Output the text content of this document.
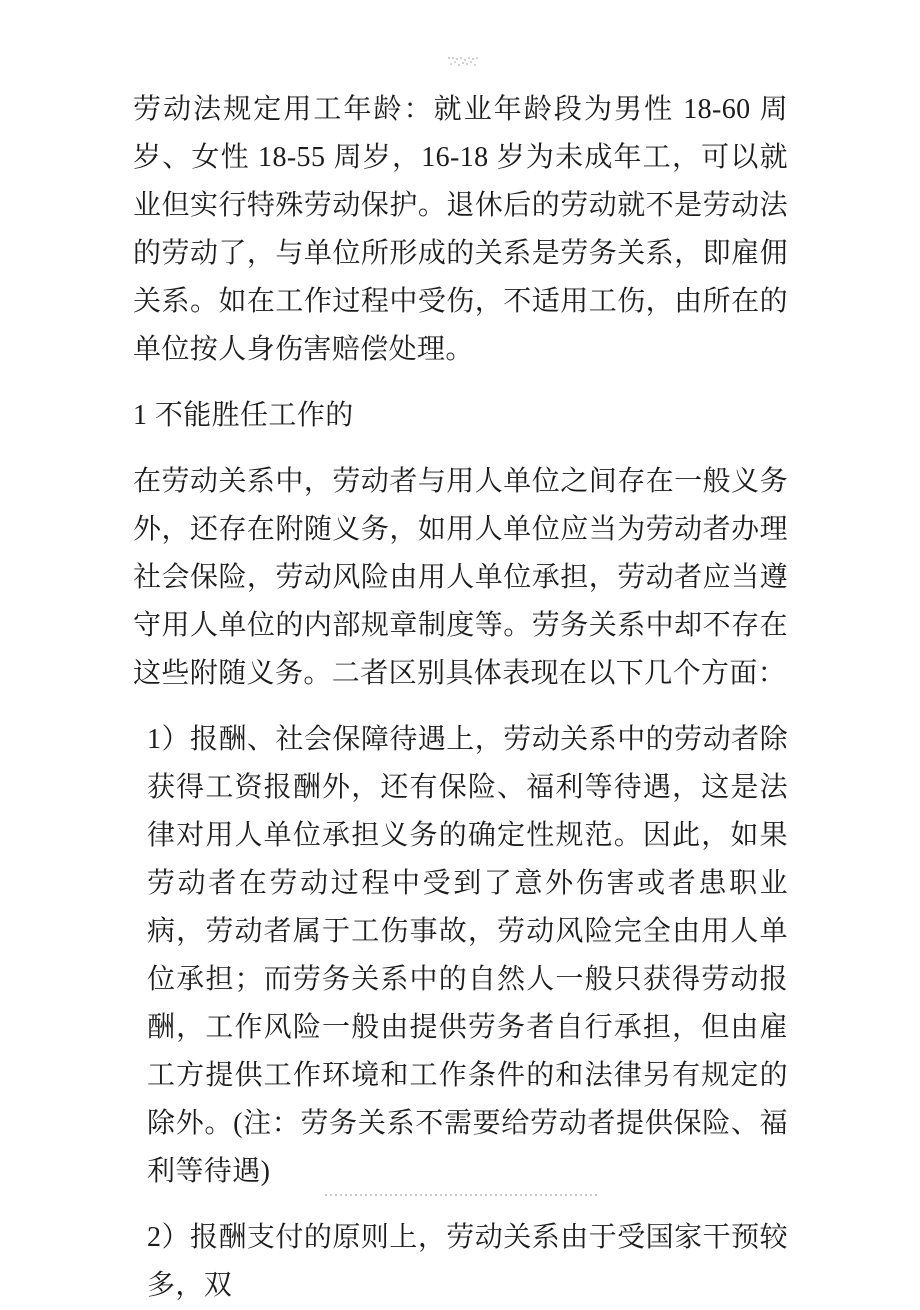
劳动法规定用工年龄：就业年龄段为男性 18-60 周岁、女性 18-55 周岁，16-18 岁为未成年工，可以就业但实行特殊劳动保护。退休后的劳动就不是劳动法的劳动了，与单位所形成的关系是劳务关系，即雇佣关系。如在工作过程中受伤，不适用工伤，由所在的单位按人身伤害赔偿处理。

1 不能胜任工作的

在劳动关系中，劳动者与用人单位之间存在一般义务外，还存在附随义务，如用人单位应当为劳动者办理社会保险，劳动风险由用人单位承担，劳动者应当遵守用人单位的内部规章制度等。劳务关系中却不存在这些附随义务。二者区别具体表现在以下几个方面：

1）报酬、社会保障待遇上，劳动关系中的劳动者除获得工资报酬外，还有保险、福利等待遇，这是法律对用人单位承担义务的确定性规范。因此，如果劳动者在劳动过程中受到了意外伤害或者患职业病，劳动者属于工伤事故，劳动风险完全由用人单位承担；而劳务关系中的自然人一般只获得劳动报酬，工作风险一般由提供劳务者自行承担，但由雇工方提供工作环境和工作条件的和法律另有规定的除外。(注：劳务关系不需要给劳动者提供保险、福利等待遇)

2）报酬支付的原则上，劳动关系由于受国家干预较多，双
